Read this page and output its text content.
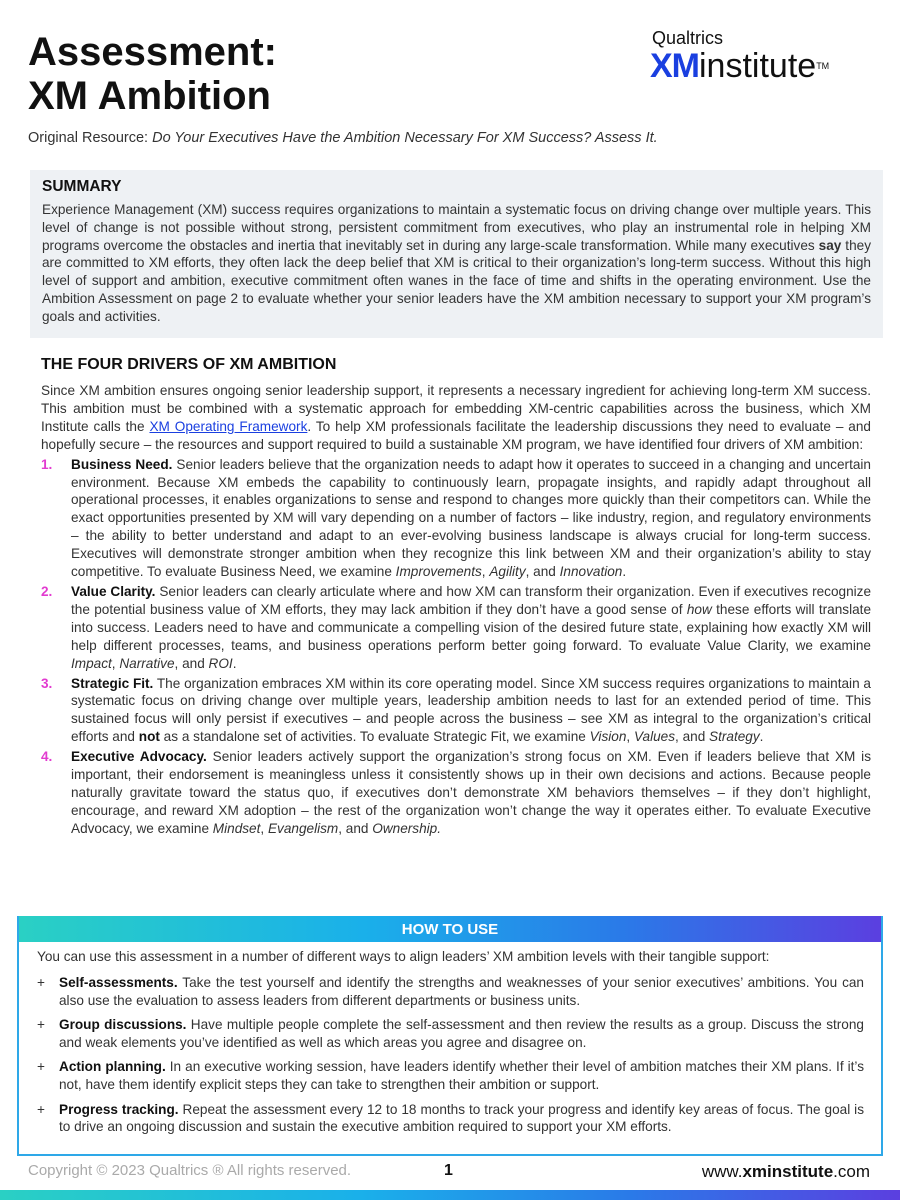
Assessment:
XM Ambition
Qualtrics
XMinstitute™
Original Resource: Do Your Executives Have the Ambition Necessary For XM Success? Assess It.
SUMMARY

Experience Management (XM) success requires organizations to maintain a systematic focus on driving change over multiple years. This level of change is not possible without strong, persistent commitment from executives, who play an instrumental role in helping XM programs overcome the obstacles and inertia that inevitably set in during any large-scale transformation. While many executives say they are committed to XM efforts, they often lack the deep belief that XM is critical to their organization’s long-term success. Without this high level of support and ambition, executive commitment often wanes in the face of time and shifts in the operating environment. Use the Ambition Assessment on page 2 to evaluate whether your senior leaders have the XM ambition necessary to support your XM program’s goals and activities.

THE FOUR DRIVERS OF XM AMBITION

Since XM ambition ensures ongoing senior leadership support, it represents a necessary ingredient for achieving long-term XM success. This ambition must be combined with a systematic approach for embedding XM-centric capabilities across the business, which XM Institute calls the XM Operating Framework. To help XM professionals facilitate the leadership discussions they need to evaluate – and hopefully secure – the resources and support required to build a sustainable XM program, we have identified four drivers of XM ambition:

1. Business Need. Senior leaders believe that the organization needs to adapt how it operates to succeed in a changing and uncertain environment. Because XM embeds the capability to continuously learn, propagate insights, and rapidly adapt throughout all operational processes, it enables organizations to sense and respond to changes more quickly than their competitors can. While the exact opportunities presented by XM will vary depending on a number of factors – like industry, region, and regulatory environments – the ability to better understand and adapt to an ever-evolving business landscape is always crucial for long-term success. Executives will demonstrate stronger ambition when they recognize this link between XM and their organization’s ability to stay competitive. To evaluate Business Need, we examine Improvements, Agility, and Innovation.
2. Value Clarity. Senior leaders can clearly articulate where and how XM can transform their organization. Even if executives recognize the potential business value of XM efforts, they may lack ambition if they don’t have a good sense of how these efforts will translate into success. Leaders need to have and communicate a compelling vision of the desired future state, explaining how exactly XM will help different processes, teams, and business operations perform better going forward. To evaluate Value Clarity, we examine Impact, Narrative, and ROI.
3. Strategic Fit. The organization embraces XM within its core operating model. Since XM success requires organizations to maintain a systematic focus on driving change over multiple years, leadership ambition needs to last for an extended period of time. This sustained focus will only persist if executives – and people across the business – see XM as integral to the organization’s critical efforts and not as a standalone set of activities. To evaluate Strategic Fit, we examine Vision, Values, and Strategy.
4. Executive Advocacy. Senior leaders actively support the organization’s strong focus on XM. Even if leaders believe that XM is important, their endorsement is meaningless unless it consistently shows up in their own decisions and actions. Because people naturally gravitate toward the status quo, if executives don’t demonstrate XM behaviors themselves – if they don’t highlight, encourage, and reward XM adoption – the rest of the organization won’t change the way it operates either. To evaluate Executive Advocacy, we examine Mindset, Evangelism, and Ownership.
HOW TO USE
You can use this assessment in a number of different ways to align leaders’ XM ambition levels with their tangible support:
+ Self-assessments. Take the test yourself and identify the strengths and weaknesses of your senior executives’ ambitions. You can also use the evaluation to assess leaders from different departments or business units.
+ Group discussions. Have multiple people complete the self-assessment and then review the results as a group. Discuss the strong and weak elements you’ve identified as well as which areas you agree and disagree on.
+ Action planning. In an executive working session, have leaders identify whether their level of ambition matches their XM plans. If it’s not, have them identify explicit steps they can take to strengthen their ambition or support.
+ Progress tracking. Repeat the assessment every 12 to 18 months to track your progress and identify key areas of focus. The goal is to drive an ongoing discussion and sustain the executive ambition required to support your XM efforts.
Copyright © 2023 Qualtrics ® All rights reserved.	1	www.xminstitute.com
